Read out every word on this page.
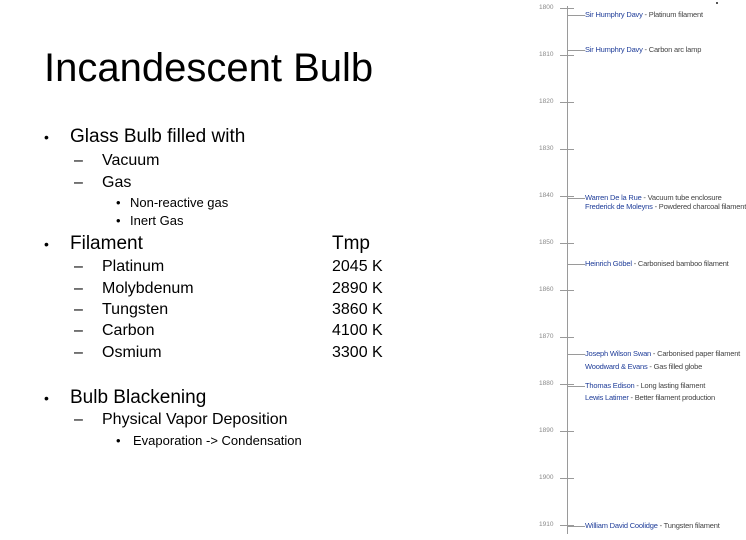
Incandescent Bulb
• Glass Bulb filled with
– Vacuum
– Gas
• Non-reactive gas
• Inert Gas
• Filament	Tmp
– Platinum	2045 K
– Molybdenum	2890 K
– Tungsten	3860 K
– Carbon	4100 K
– Osmium	3300 K
• Bulb Blackening
– Physical Vapor Deposition
• Evaporation -> Condensation
1800
1810
1820
1830
1840
1850
1860
1870
1880
1890
1900
1910
Sir Humphry Davy - Platinum filament
Sir Humphry Davy - Carbon arc lamp
Warren De la Rue - Vacuum tube enclosure
Frederick de Moleyns - Powdered charcoal filament
Heinrich Göbel - Carbonised bamboo filament
Joseph Wilson Swan - Carbonised paper filament
Woodward & Evans - Gas filled globe
Thomas Edison - Long lasting filament
Lewis Latimer - Better filament production
William David Coolidge - Tungsten filament
